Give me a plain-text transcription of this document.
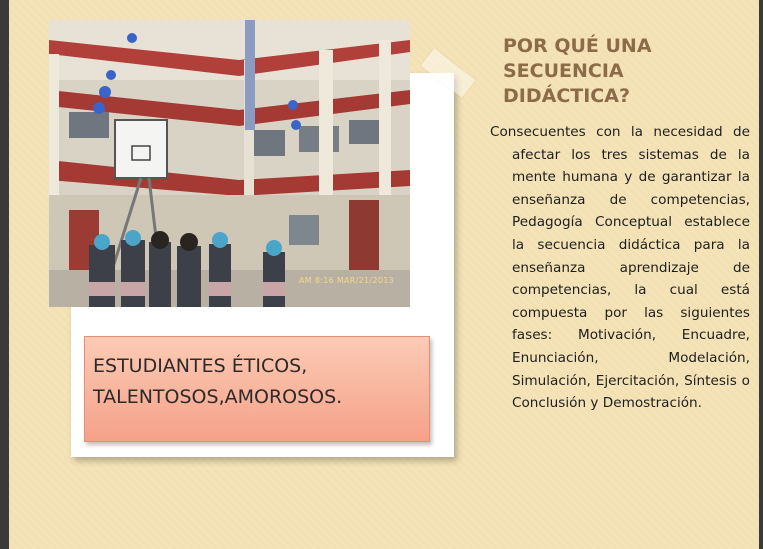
AM 8:16 MAR/21/2013
ESTUDIANTES ÉTICOS,
TALENTOSOS,AMOROSOS.
POR QUÉ UNA
SECUENCIA
DIDÁCTICA?
Consecuentes con la necesidad de afectar los tres sistemas de la mente humana y de garantizar la enseñanza de competencias, Pedagogía Conceptual establece la secuencia didáctica para la enseñanza aprendizaje de competencias, la cual está compuesta por las siguientes fases: Motivación, Encuadre, Enunciación, Modelación, Simulación, Ejercitación, Síntesis o Conclusión y Demostración.
